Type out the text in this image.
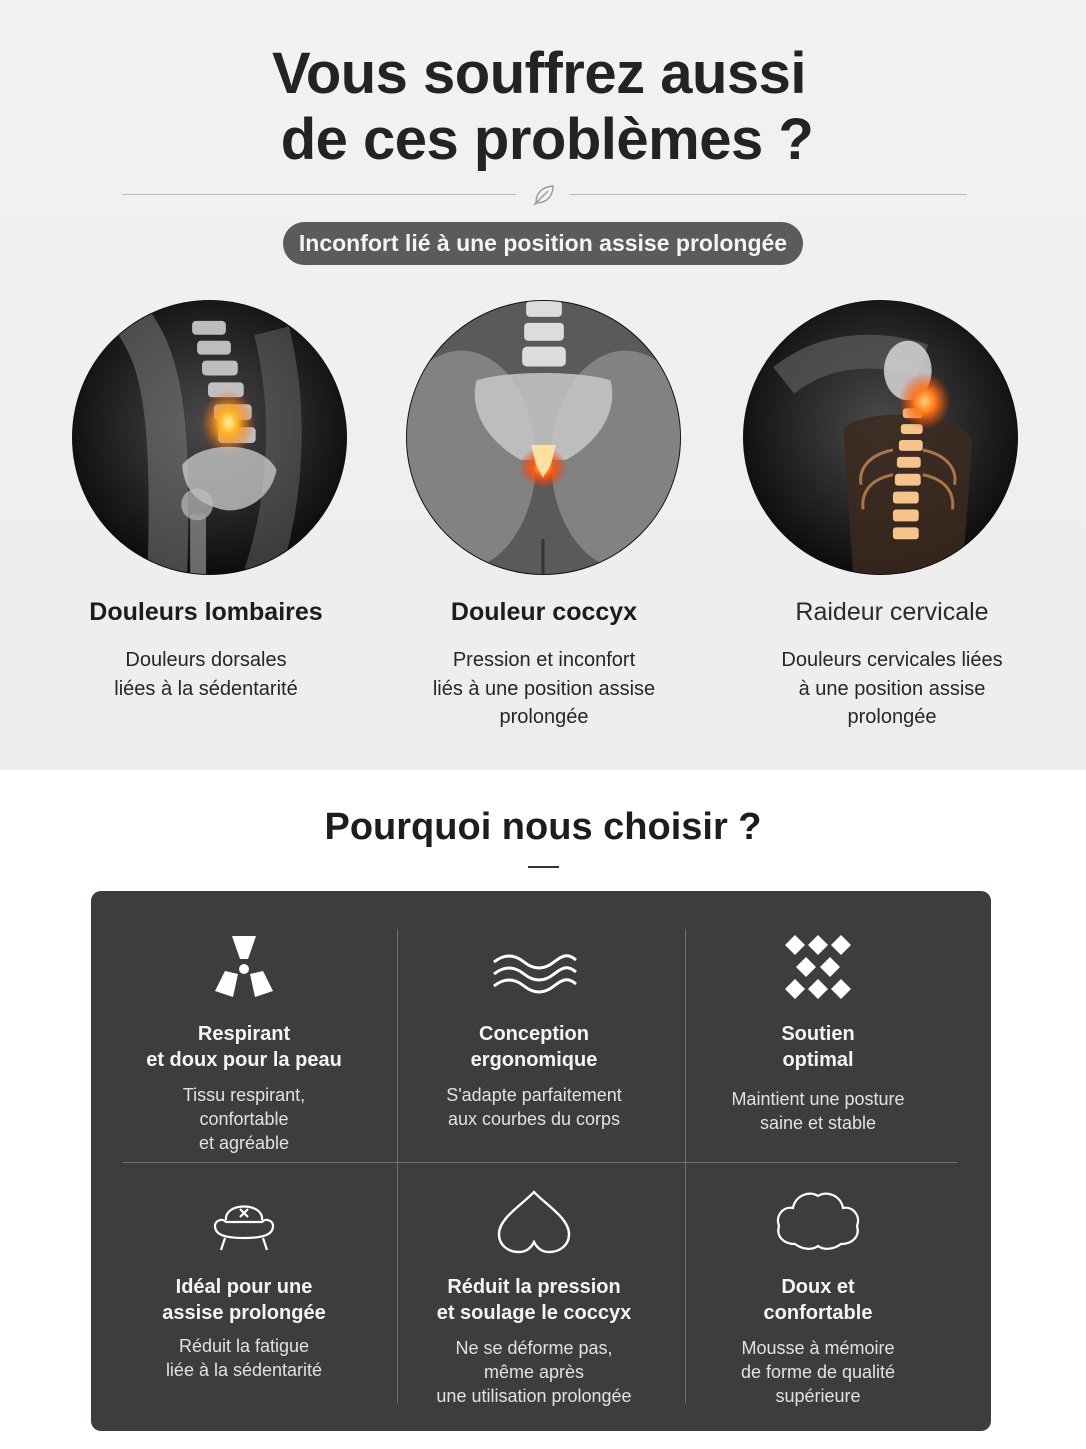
Vous souffrez aussi
de ces problèmes ?
Inconfort lié à une position assise prolongée
Douleurs lombaires
Douleurs dorsales
liées à la sédentarité
Douleur coccyx
Pression et inconfort
liés à une position assise
prolongée
Raideur cervicale
Douleurs cervicales liées
à une position assise
prolongée
Pourquoi nous choisir ?
Respirant
et doux pour la peau
Tissu respirant,
confortable
et agréable
Conception
ergonomique
S'adapte parfaitement
aux courbes du corps
Soutien
optimal
Maintient une posture
saine et stable
Idéal pour une
assise prolongée
Réduit la fatigue
liée à la sédentarité
Réduit la pression
et soulage le coccyx
Ne se déforme pas,
même après
une utilisation prolongée
Doux et
confortable
Mousse à mémoire
de forme de qualité
supérieure
